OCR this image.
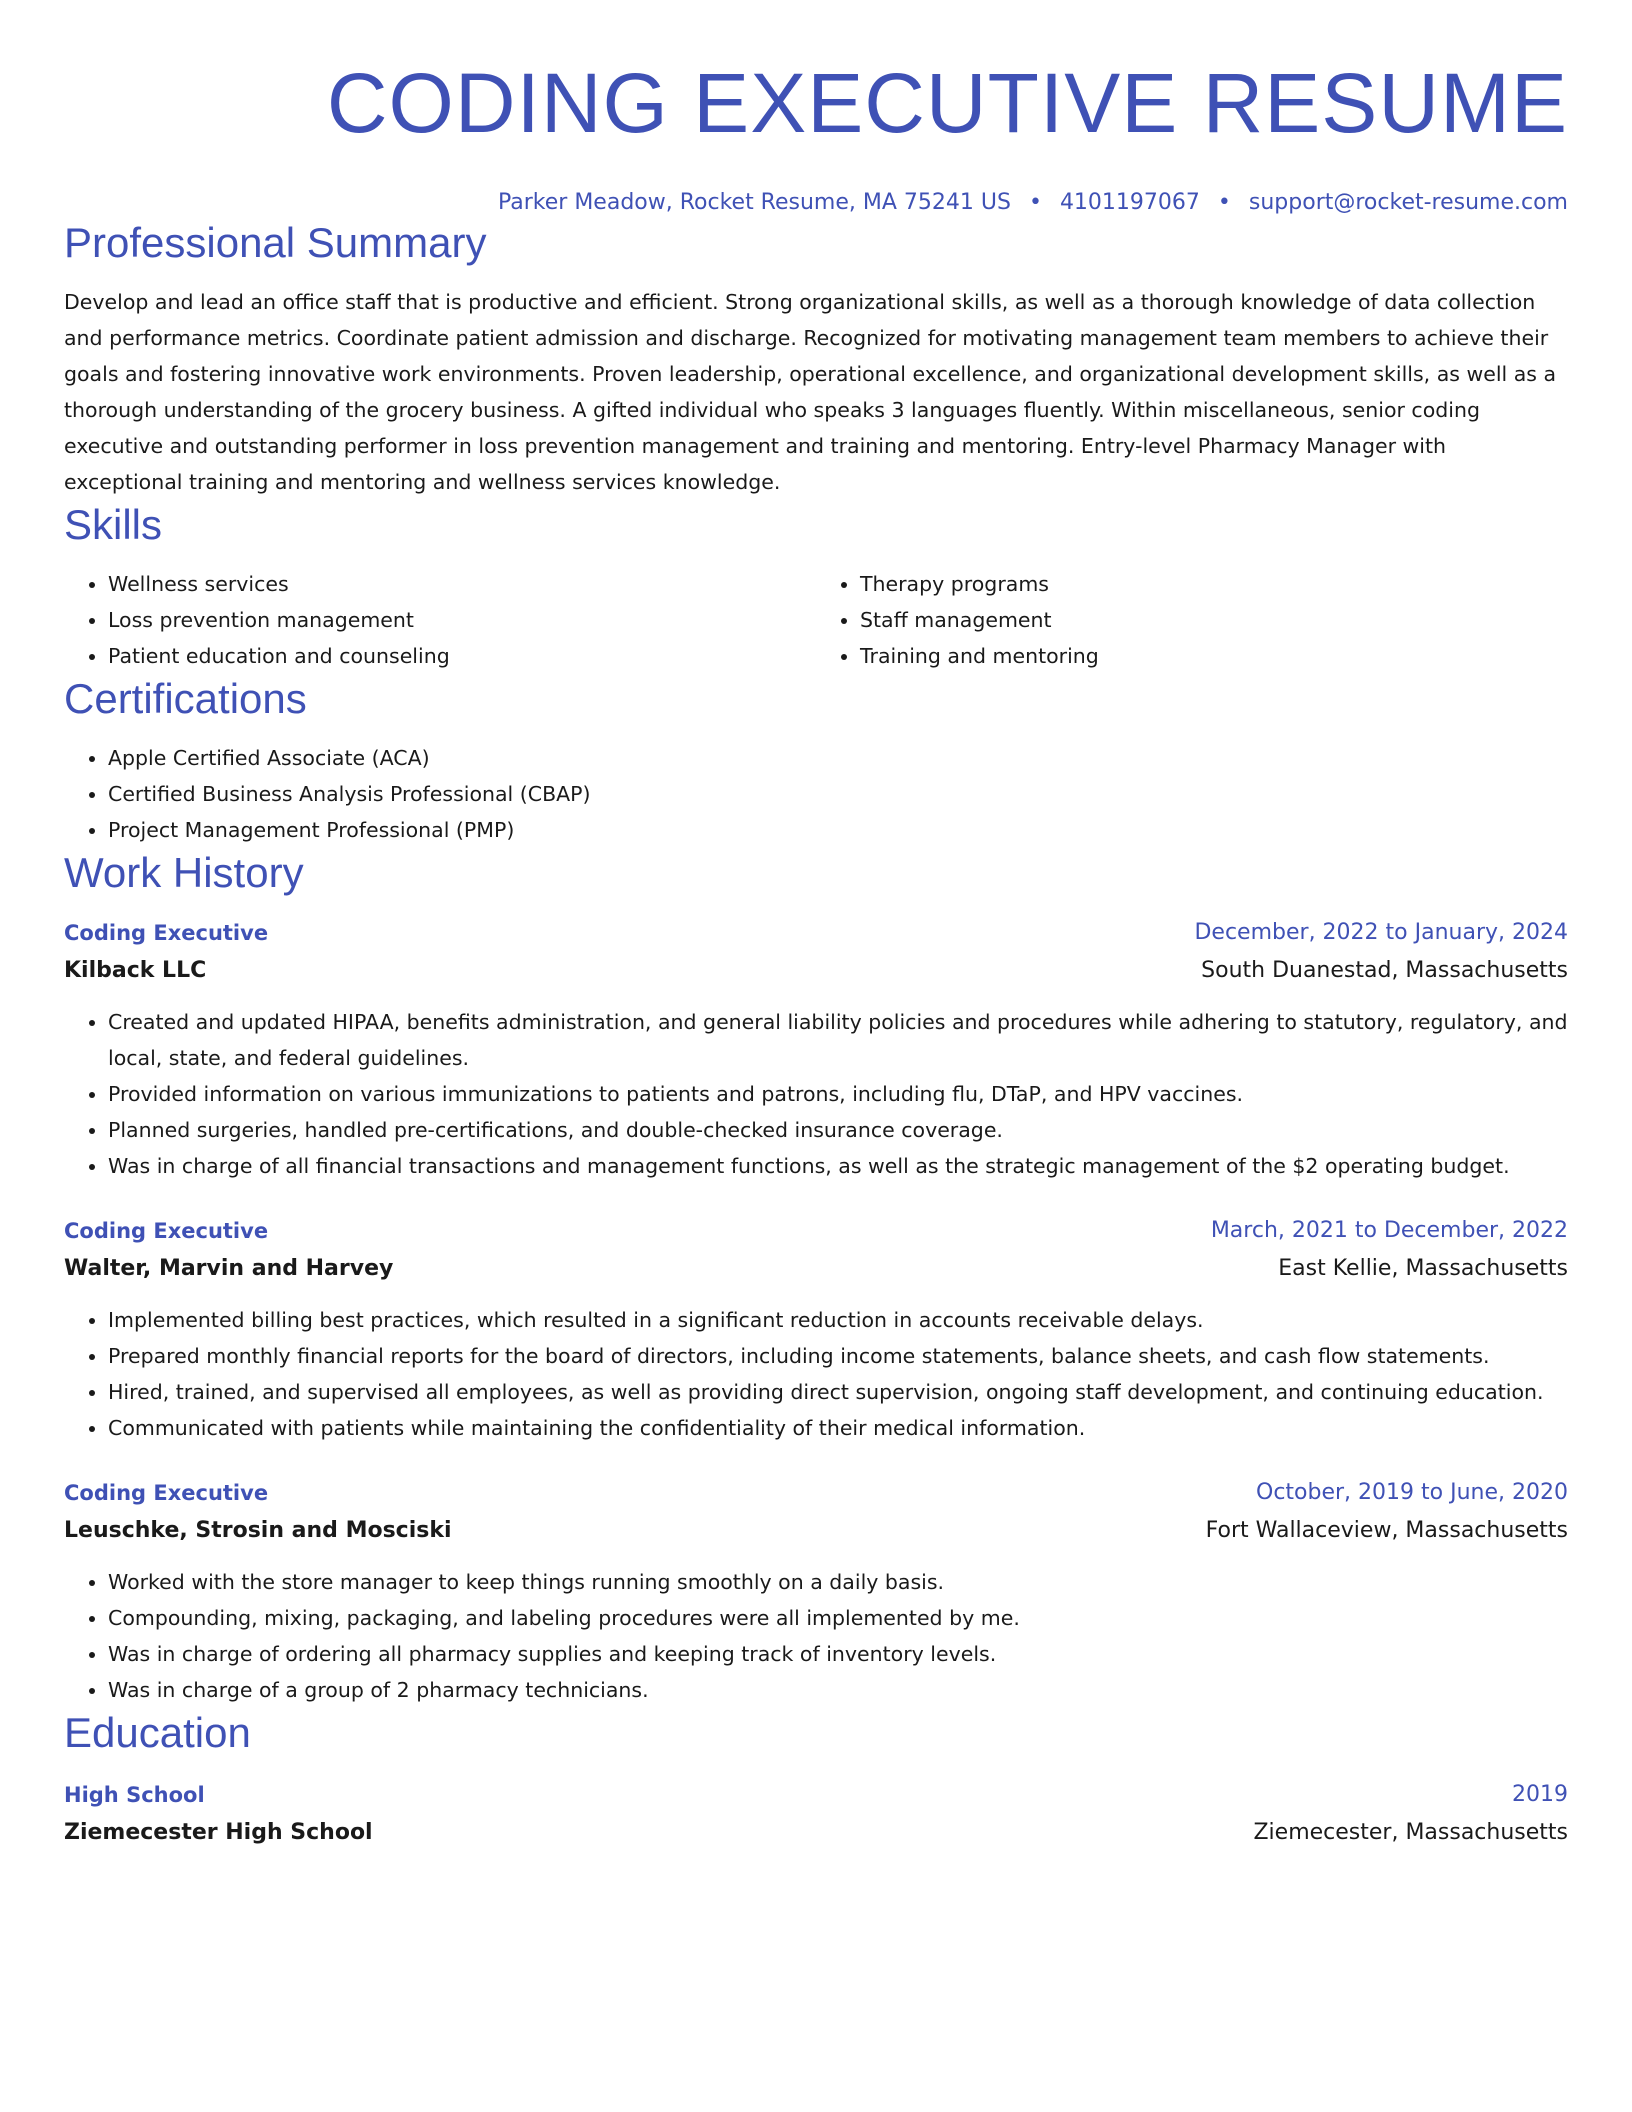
CODING EXECUTIVE RESUME
Parker Meadow, Rocket Resume, MA 75241 US • 4101197067 • support@rocket-resume.com
Professional Summary

Develop and lead an office staff that is productive and efficient. Strong organizational skills, as well as a thorough knowledge of data collection and performance metrics. Coordinate patient admission and discharge. Recognized for motivating management team members to achieve their goals and fostering innovative work environments. Proven leadership, operational excellence, and organizational development skills, as well as a thorough understanding of the grocery business. A gifted individual who speaks 3 languages fluently. Within miscellaneous, senior coding executive and outstanding performer in loss prevention management and training and mentoring. Entry-level Pharmacy Manager with exceptional training and mentoring and wellness services knowledge.

Skills
• Wellness services
• Loss prevention management
• Patient education and counseling
• Therapy programs
• Staff management
• Training and mentoring
Certifications
• Apple Certified Associate (ACA)
• Certified Business Analysis Professional (CBAP)
• Project Management Professional (PMP)
Work History
Coding Executive	December, 2022 to January, 2024
Kilback LLC	South Duanestad, Massachusetts
• Created and updated HIPAA, benefits administration, and general liability policies and procedures while adhering to statutory, regulatory, and local, state, and federal guidelines.
• Provided information on various immunizations to patients and patrons, including flu, DTaP, and HPV vaccines.
• Planned surgeries, handled pre-certifications, and double-checked insurance coverage.
• Was in charge of all financial transactions and management functions, as well as the strategic management of the $2 operating budget.
Coding Executive	March, 2021 to December, 2022
Walter, Marvin and Harvey	East Kellie, Massachusetts
• Implemented billing best practices, which resulted in a significant reduction in accounts receivable delays.
• Prepared monthly financial reports for the board of directors, including income statements, balance sheets, and cash flow statements.
• Hired, trained, and supervised all employees, as well as providing direct supervision, ongoing staff development, and continuing education.
• Communicated with patients while maintaining the confidentiality of their medical information.
Coding Executive	October, 2019 to June, 2020
Leuschke, Strosin and Mosciski	Fort Wallaceview, Massachusetts
• Worked with the store manager to keep things running smoothly on a daily basis.
• Compounding, mixing, packaging, and labeling procedures were all implemented by me.
• Was in charge of ordering all pharmacy supplies and keeping track of inventory levels.
• Was in charge of a group of 2 pharmacy technicians.
Education
High School	2019
Ziemecester High School	Ziemecester, Massachusetts
